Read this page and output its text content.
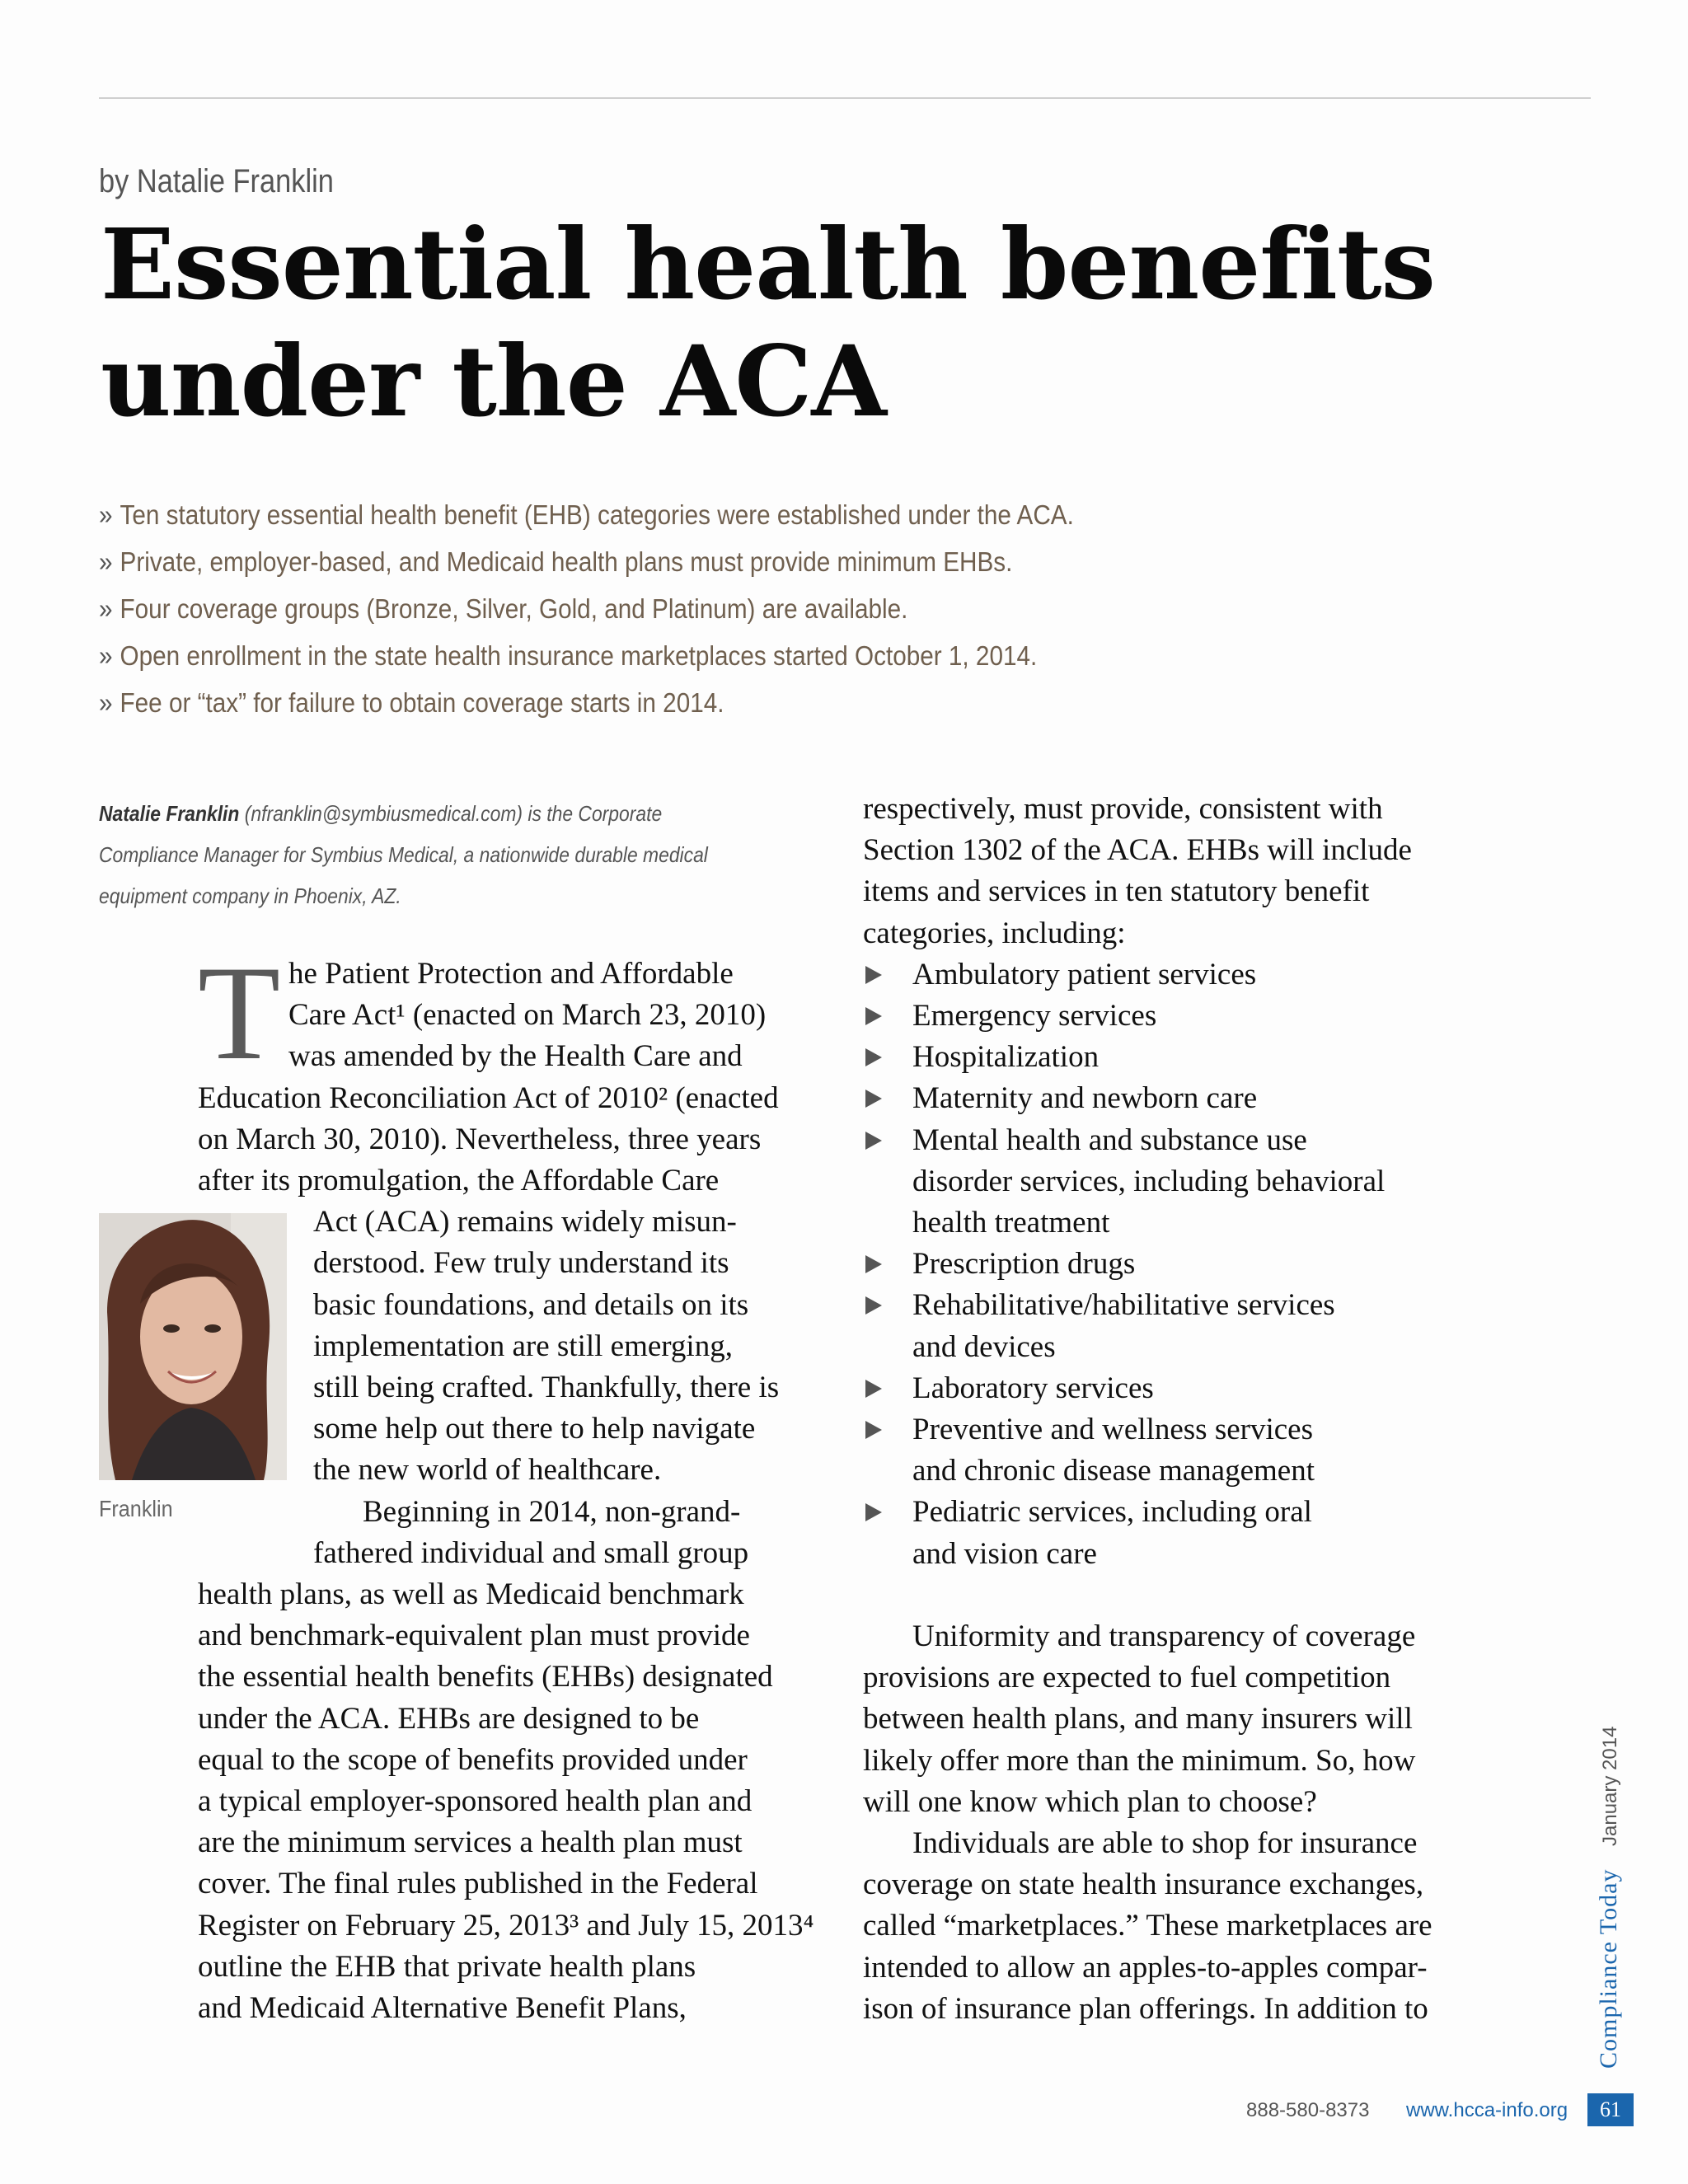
by Natalie Franklin
Essential health benefits
under the ACA
» Ten statutory essential health benefit (EHB) categories were established under the ACA.
» Private, employer-based, and Medicaid health plans must provide minimum EHBs.
» Four coverage groups (Bronze, Silver, Gold, and Platinum) are available.
» Open enrollment in the state health insurance marketplaces started October 1, 2014.
» Fee or “tax” for failure to obtain coverage starts in 2014.
Natalie Franklin (nfranklin@symbiusmedical.com) is the Corporate
Compliance Manager for Symbius Medical, a nationwide durable medical
equipment company in Phoenix, AZ.
T
Franklin
he Patient Protection and Affordable
Care Act¹ (enacted on March 23, 2010)
was amended by the Health Care and
Education Reconciliation Act of 2010² (enacted
on March 30, 2010). Nevertheless, three years
after its promulgation, the Affordable Care
Act (ACA) remains widely misun-
derstood. Few truly understand its
basic foundations, and details on its
implementation are still emerging,
still being crafted. Thankfully, there is
some help out there to help navigate
the new world of healthcare.
Beginning in 2014, non-grand-
fathered individual and small group
health plans, as well as Medicaid benchmark
and benchmark-equivalent plan must provide
the essential health benefits (EHBs) designated
under the ACA. EHBs are designed to be
equal to the scope of benefits provided under
a typical employer-sponsored health plan and
are the minimum services a health plan must
cover. The final rules published in the Federal
Register on February 25, 2013³ and July 15, 2013⁴
outline the EHB that private health plans
and Medicaid Alternative Benefit Plans,
respectively, must provide, consistent with
Section 1302 of the ACA. EHBs will include
items and services in ten statutory benefit
categories, including:
Ambulatory patient services
Emergency services
Hospitalization
Maternity and newborn care
Mental health and substance use
disorder services, including behavioral
health treatment
Prescription drugs
Rehabilitative/habilitative services
and devices
Laboratory services
Preventive and wellness services
and chronic disease management
Pediatric services, including oral
and vision care
Uniformity and transparency of coverage
provisions are expected to fuel competition
between health plans, and many insurers will
likely offer more than the minimum. So, how
will one know which plan to choose?
Individuals are able to shop for insurance
coverage on state health insurance exchanges,
called “marketplaces.” These marketplaces are
intended to allow an apples-to-apples compar-
ison of insurance plan offerings. In addition to
January 2014
Compliance Today
888-580-8373 www.hcca-info.org	61
